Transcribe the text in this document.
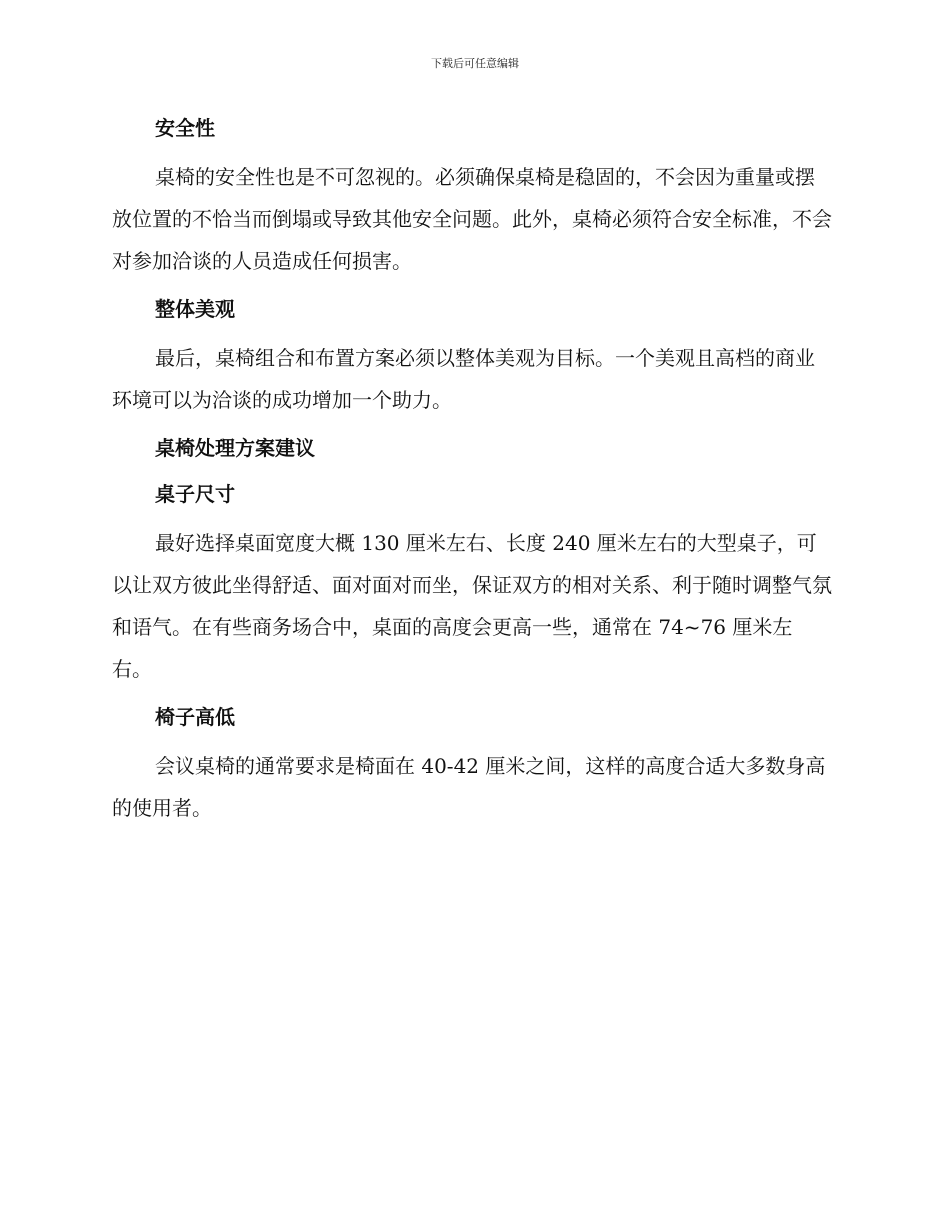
下载后可任意编辑
安全性

桌椅的安全性也是不可忽视的。必须确保桌椅是稳固的，不会因为重量或摆放位置的不恰当而倒塌或导致其他安全问题。此外，桌椅必须符合安全标准，不会对参加洽谈的人员造成任何损害。

整体美观

最后，桌椅组合和布置方案必须以整体美观为目标。一个美观且高档的商业环境可以为洽谈的成功增加一个助力。

桌椅处理方案建议
桌子尺寸

最好选择桌面宽度大概 130 厘米左右、长度 240 厘米左右的大型桌子，可以让双方彼此坐得舒适、面对面对而坐，保证双方的相对关系、利于随时调整气氛和语气。在有些商务场合中，桌面的高度会更高一些，通常在 74~76 厘米左右。

椅子高低

会议桌椅的通常要求是椅面在 40-42 厘米之间，这样的高度合适大多数身高的使用者。
